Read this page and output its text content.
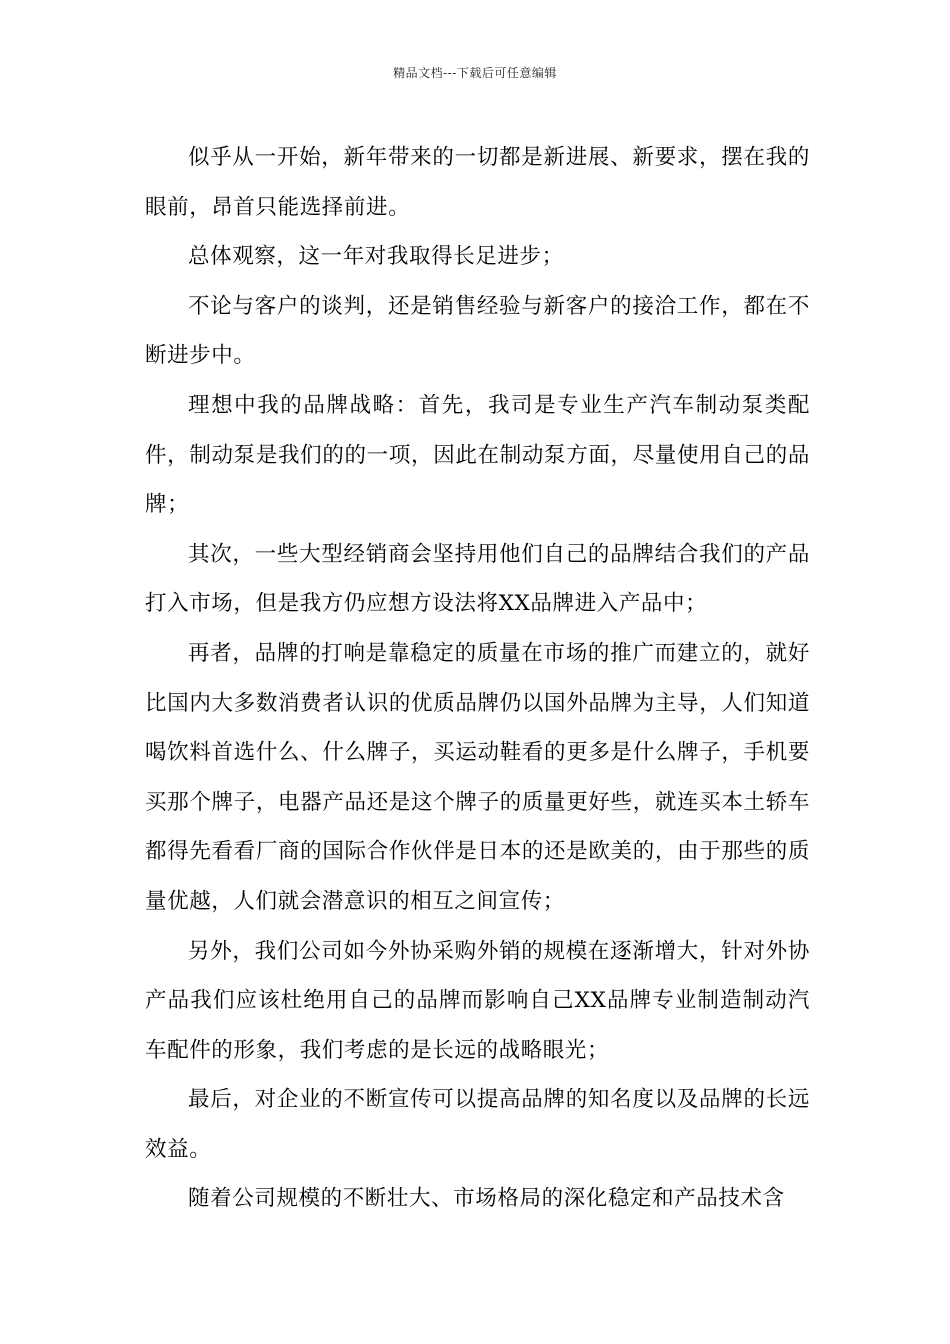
精品文档---下载后可任意编辑

似乎从一开始，新年带来的一切都是新进展、新要求，摆在我的眼前，昂首只能选择前进。

总体观察，这一年对我取得长足进步；

不论与客户的谈判，还是销售经验与新客户的接洽工作，都在不断进步中。

理想中我的品牌战略：首先，我司是专业生产汽车制动泵类配件，制动泵是我们的的一项，因此在制动泵方面，尽量使用自己的品牌；

其次，一些大型经销商会坚持用他们自己的品牌结合我们的产品打入市场，但是我方仍应想方设法将XX品牌进入产品中；

再者，品牌的打响是靠稳定的质量在市场的推广而建立的，就好比国内大多数消费者认识的优质品牌仍以国外品牌为主导，人们知道喝饮料首选什么、什么牌子，买运动鞋看的更多是什么牌子，手机要买那个牌子，电器产品还是这个牌子的质量更好些，就连买本土轿车都得先看看厂商的国际合作伙伴是日本的还是欧美的，由于那些的质量优越，人们就会潜意识的相互之间宣传；

另外，我们公司如今外协采购外销的规模在逐渐增大，针对外协产品我们应该杜绝用自己的品牌而影响自己XX品牌专业制造制动汽车配件的形象，我们考虑的是长远的战略眼光；

最后，对企业的不断宣传可以提高品牌的知名度以及品牌的长远效益。

随着公司规模的不断壮大、市场格局的深化稳定和产品技术含
